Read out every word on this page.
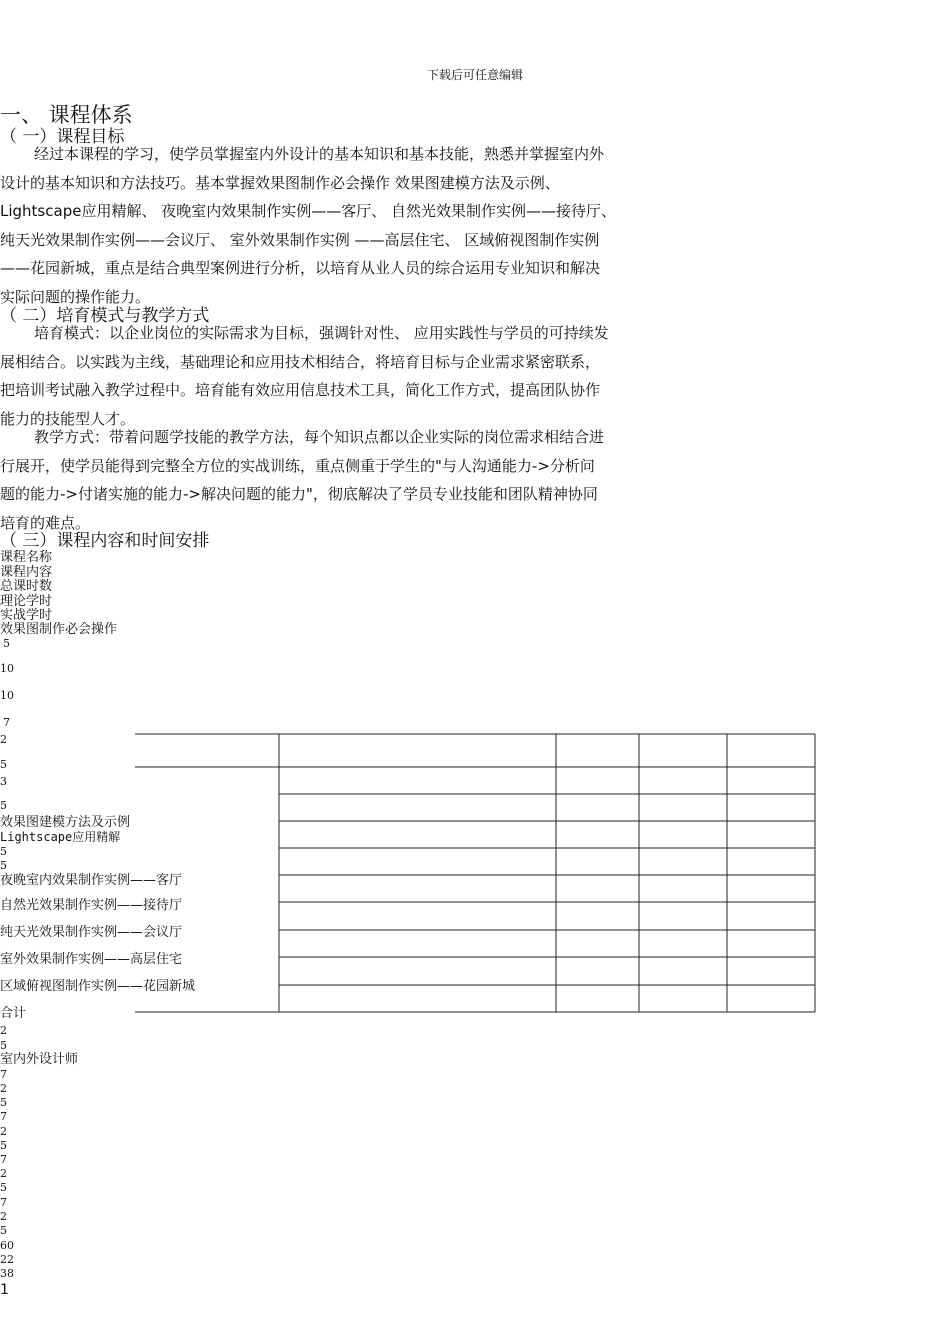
下载后可任意编辑
一、 课程体系
（ 一）课程目标

经过本课程的学习，使学员掌握室内外设计的基本知识和基本技能，熟悉并掌握室内外

设计的基本知识和方法技巧。基本掌握效果图制作必会操作 效果图建模方法及示例、

Lightscape应用精解、 夜晚室内效果制作实例——客厅、 自然光效果制作实例——接待厅、

纯天光效果制作实例——会议厅、 室外效果制作实例 ——高层住宅、 区域俯视图制作实例

——花园新城，重点是结合典型案例进行分析，以培育从业人员的综合运用专业知识和解决

实际问题的操作能力。

（ 二）培育模式与教学方式

培育模式：以企业岗位的实际需求为目标，强调针对性、 应用实践性与学员的可持续发

展相结合。以实践为主线，基础理论和应用技术相结合，将培育目标与企业需求紧密联系，

把培训考试融入教学过程中。培育能有效应用信息技术工具，简化工作方式，提高团队协作

能力的技能型人才。

教学方式：带着问题学技能的教学方法，每个知识点都以企业实际的岗位需求相结合进

行展开，使学员能得到完整全方位的实战训练，重点侧重于学生的"与人沟通能力->分析问

题的能力->付诸实施的能力->解决问题的能力"，彻底解决了学员专业技能和团队精神协同

培育的难点。

（ 三）课程内容和时间安排
课程名称
课程内容
总课时数
理论学时
实战学时
效果图制作必会操作
5
10
10
7
2
5
3
5
效果图建模方法及示例
Lightscape应用精解
5
5
夜晚室内效果制作实例——客厅
自然光效果制作实例——接待厅
纯天光效果制作实例——会议厅
室外效果制作实例——高层住宅
区域俯视图制作实例——花园新城
合计
2
5
室内外设计师
7
2
5
7
2
5
7
2
5
7
2
5
60
22
38
1
